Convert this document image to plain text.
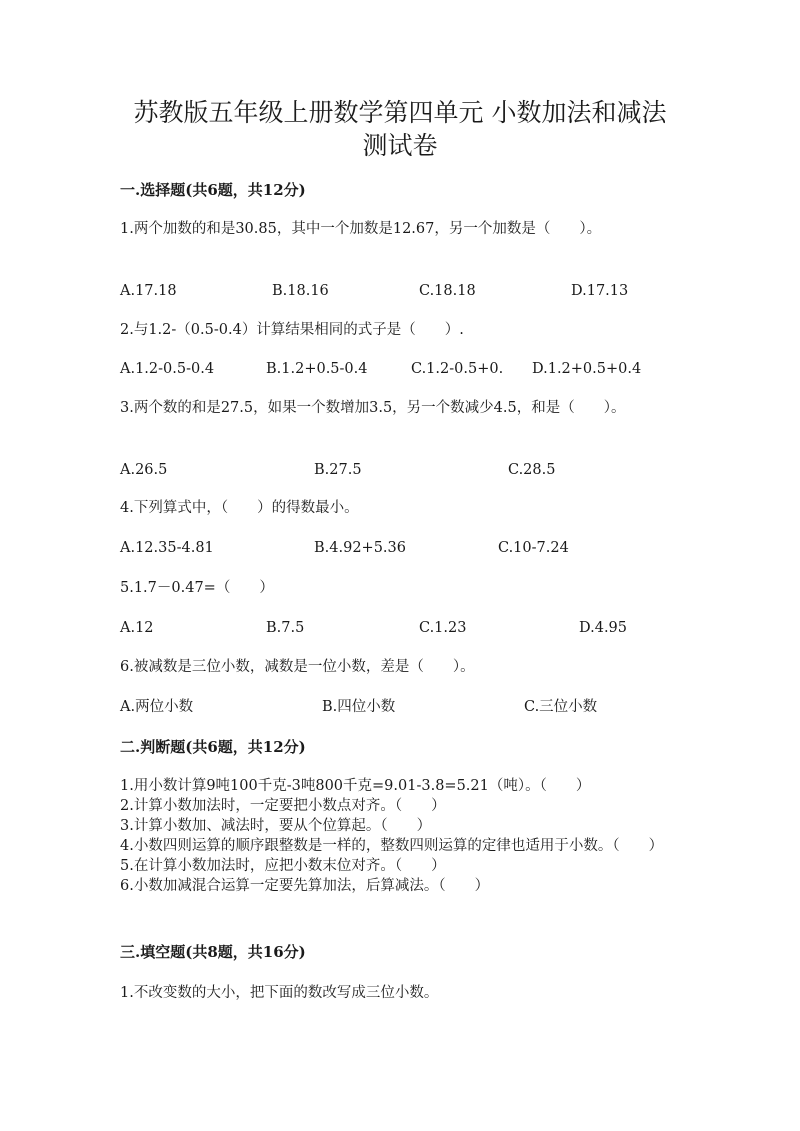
苏教版五年级上册数学第四单元 小数加法和减法
测试卷
一.选择题(共6题，共12分)
1.两个加数的和是30.85，其中一个加数是12.67，另一个加数是（　　）。
A.17.18	B.18.16	C.18.18	D.17.13
2.与1.2-（0.5-0.4）计算结果相同的式子是（　　）.
A.1.2-0.5-0.4	B.1.2+0.5-0.4	C.1.2-0.5+0. D.1.2+0.5+0.4
3.两个数的和是27.5，如果一个数增加3.5，另一个数减少4.5，和是（　　）。
A.26.5	B.27.5	C.28.5
4.下列算式中，（　　）的得数最小。
A.12.35-4.81	B.4.92+5.36	C.10-7.24
5.1.7－0.47=（　　）
A.12	B.7.5	C.1.23	D.4.95
6.被减数是三位小数，减数是一位小数，差是（　　）。
A.两位小数	B.四位小数	C.三位小数
二.判断题(共6题，共12分)
1.用小数计算9吨100千克-3吨800千克=9.01-3.8=5.21（吨）。（　　）
2.计算小数加法时，一定要把小数点对齐。（　　）
3.计算小数加、减法时，要从个位算起。（　　）
4.小数四则运算的顺序跟整数是一样的，整数四则运算的定律也适用于小数。（　　）
5.在计算小数加法时，应把小数末位对齐。（　　）
6.小数加减混合运算一定要先算加法，后算减法。（　　）
三.填空题(共8题，共16分)
1.不改变数的大小，把下面的数改写成三位小数。
